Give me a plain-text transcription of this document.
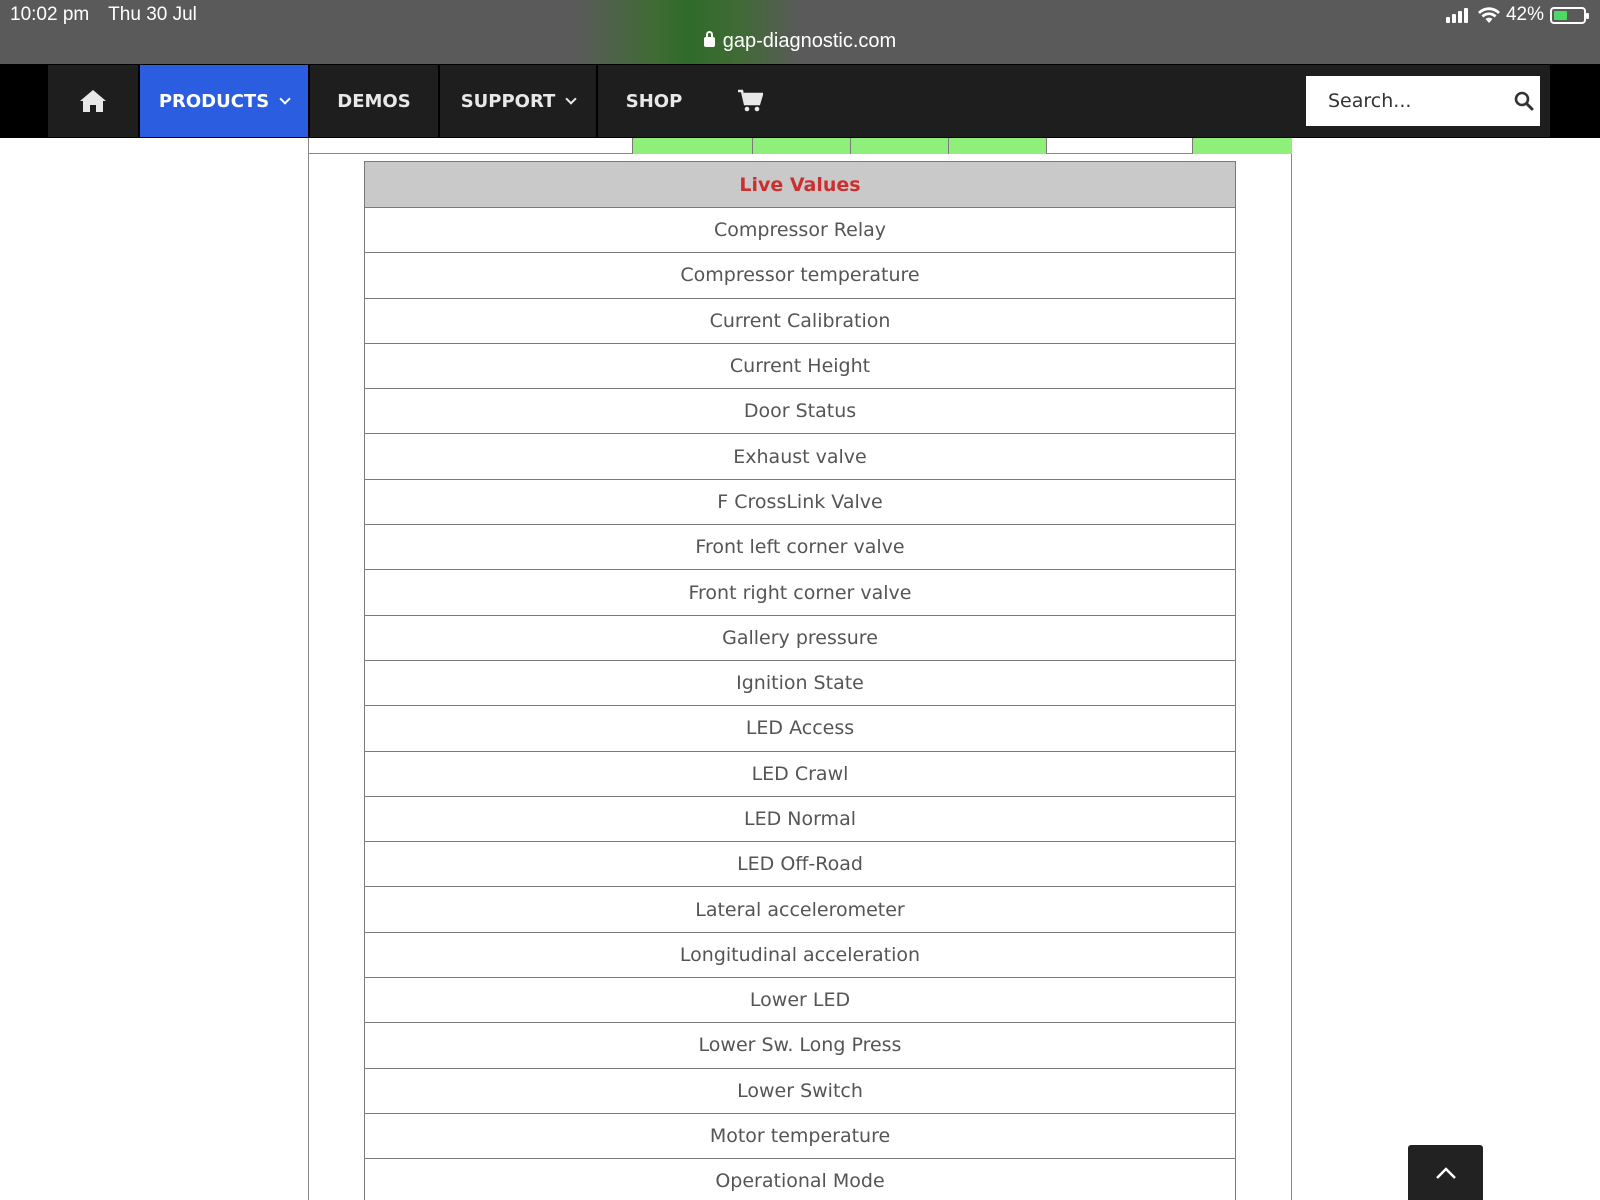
10:02 pm Thu 30 Jul	42%
gap-diagnostic.com
PRODUCTS	DEMOS	SUPPORT	SHOP
Search...
Live Values
Compressor Relay
Compressor temperature
Current Calibration
Current Height
Door Status
Exhaust valve
F CrossLink Valve
Front left corner valve
Front right corner valve
Gallery pressure
Ignition State
LED Access
LED Crawl
LED Normal
LED Off-Road
Lateral accelerometer
Longitudinal acceleration
Lower LED
Lower Sw. Long Press
Lower Switch
Motor temperature
Operational Mode
